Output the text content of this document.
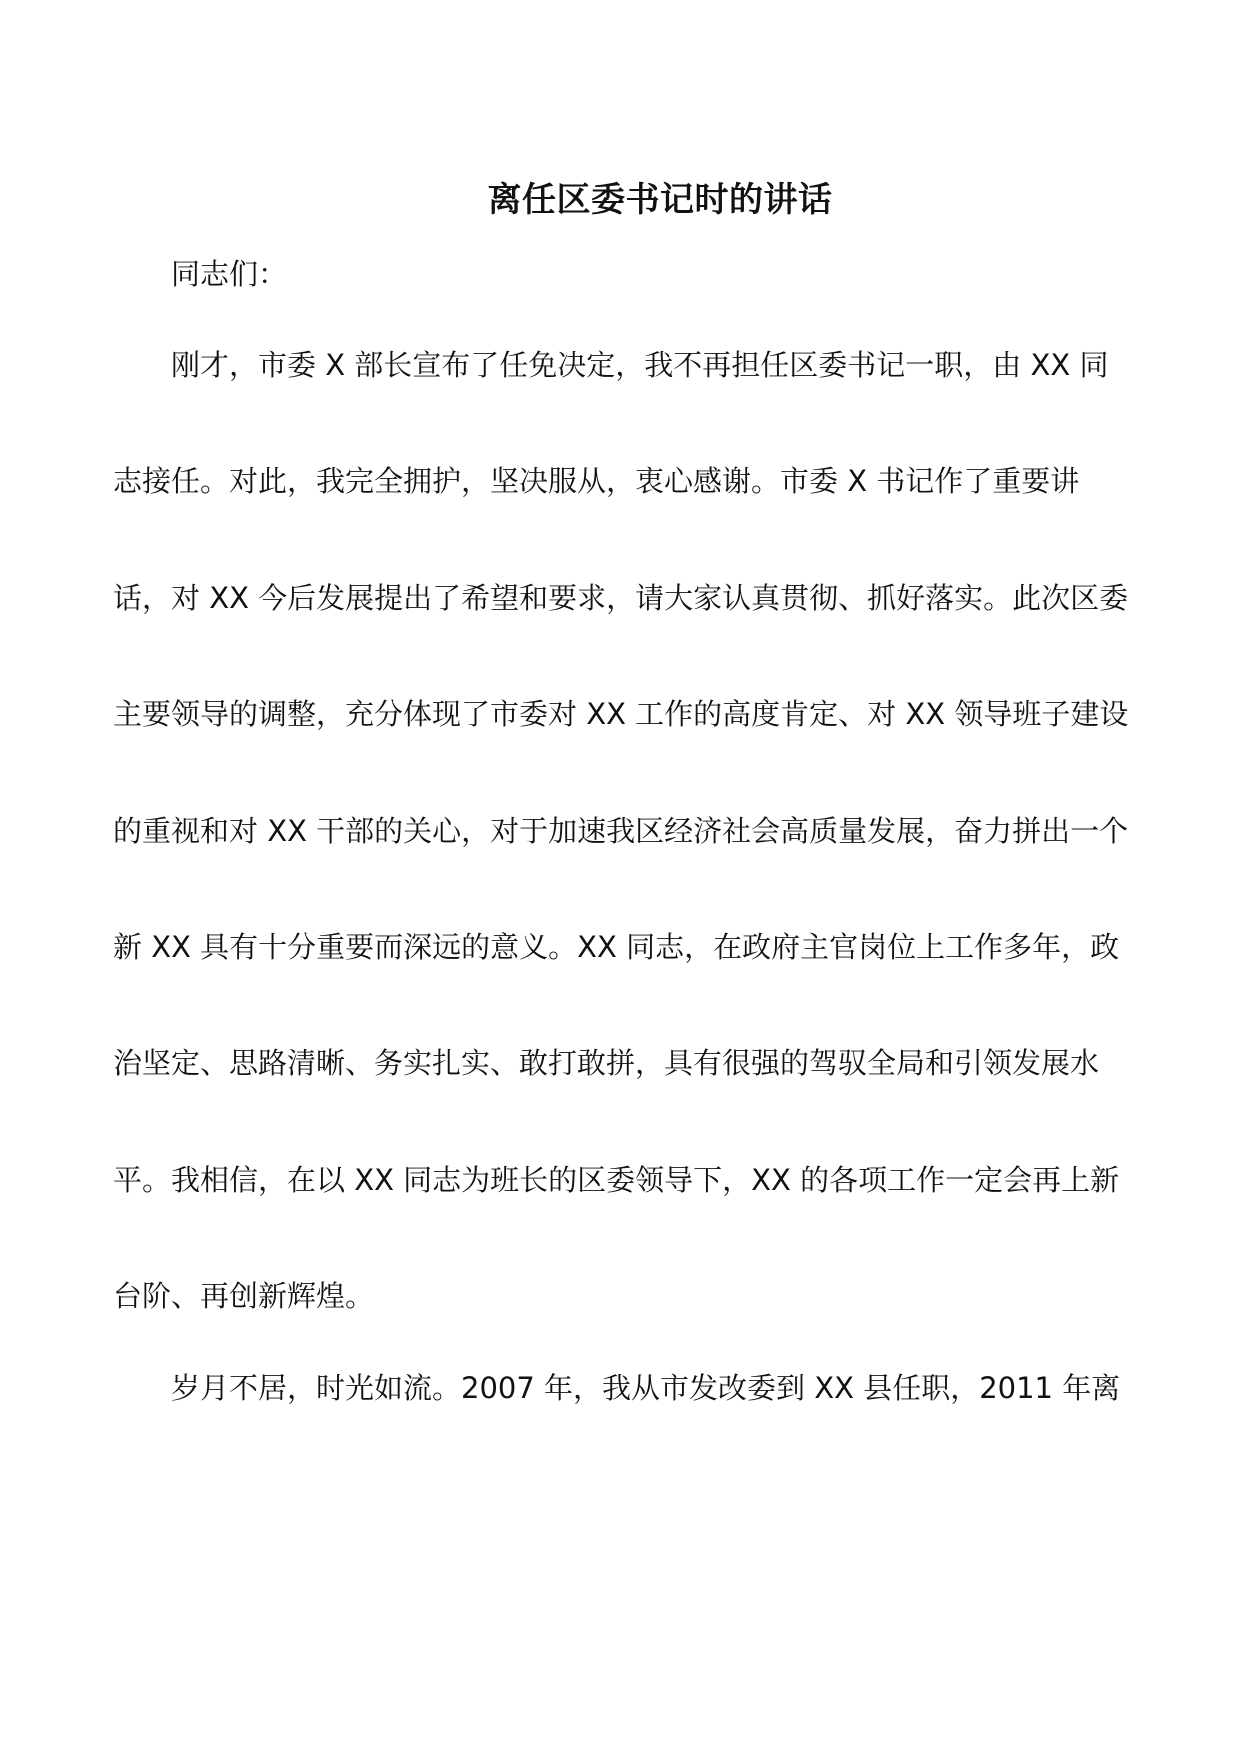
离任区委书记时的讲话
同志们：
刚才，市委 X 部长宣布了任免决定，我不再担任区委书记一职，由 XX 同
志接任。对此，我完全拥护，坚决服从，衷心感谢。市委 X 书记作了重要讲
话，对 XX 今后发展提出了希望和要求，请大家认真贯彻、抓好落实。此次区委
主要领导的调整，充分体现了市委对 XX 工作的高度肯定、对 XX 领导班子建设
的重视和对 XX 干部的关心，对于加速我区经济社会高质量发展，奋力拼出一个
新 XX 具有十分重要而深远的意义。XX 同志，在政府主官岗位上工作多年，政
治坚定、思路清晰、务实扎实、敢打敢拼，具有很强的驾驭全局和引领发展水
平。我相信，在以 XX 同志为班长的区委领导下，XX 的各项工作一定会再上新
台阶、再创新辉煌。
岁月不居，时光如流。2007 年，我从市发改委到 XX 县任职，2011 年离
